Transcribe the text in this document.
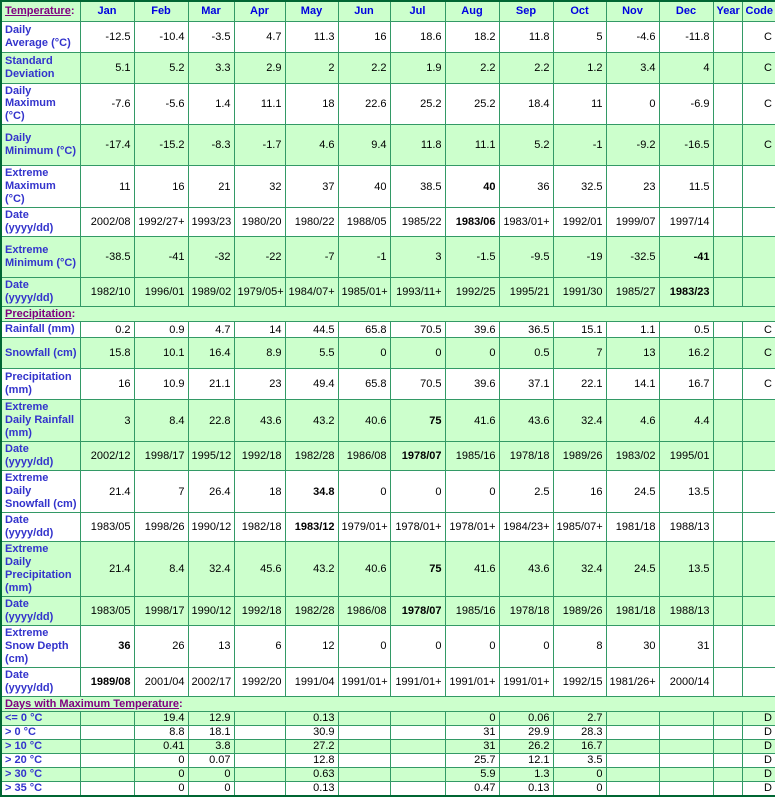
Temperature:	Jan	Feb	Mar	Apr	May	Jun	Jul	Aug	Sep	Oct	Nov	Dec	Year	Code
Daily Average (°C)	-12.5	-10.4	-3.5	4.7	11.3	16	18.6	18.2	11.8	5	-4.6	-11.8		C
Standard Deviation	5.1	5.2	3.3	2.9	2	2.2	1.9	2.2	2.2	1.2	3.4	4		C
Daily Maximum (°C)	-7.6	-5.6	1.4	11.1	18	22.6	25.2	25.2	18.4	11	0	-6.9		C
Daily Minimum (°C)	-17.4	-15.2	-8.3	-1.7	4.6	9.4	11.8	11.1	5.2	-1	-9.2	-16.5		C
Extreme Maximum (°C)	11	16	21	32	37	40	38.5	40	36	32.5	23	11.5		
Date (yyyy/dd)	2002/08	1992/27+	1993/23	1980/20	1980/22	1988/05	1985/22	1983/06	1983/01+	1992/01	1999/07	1997/14		
Extreme Minimum (°C)	-38.5	-41	-32	-22	-7	-1	3	-1.5	-9.5	-19	-32.5	-41		
Date (yyyy/dd)	1982/10	1996/01	1989/02	1979/05+	1984/07+	1985/01+	1993/11+	1992/25	1995/21	1991/30	1985/27	1983/23		
Precipitation:														
Rainfall (mm)	0.2	0.9	4.7	14	44.5	65.8	70.5	39.6	36.5	15.1	1.1	0.5		C
Snowfall (cm)	15.8	10.1	16.4	8.9	5.5	0	0	0	0.5	7	13	16.2		C
Precipitation (mm)	16	10.9	21.1	23	49.4	65.8	70.5	39.6	37.1	22.1	14.1	16.7		C
Extreme Daily Rainfall (mm)	3	8.4	22.8	43.6	43.2	40.6	75	41.6	43.6	32.4	4.6	4.4		
Date (yyyy/dd)	2002/12	1998/17	1995/12	1992/18	1982/28	1986/08	1978/07	1985/16	1978/18	1989/26	1983/02	1995/01		
Extreme Daily Snowfall (cm)	21.4	7	26.4	18	34.8	0	0	0	2.5	16	24.5	13.5		
Date (yyyy/dd)	1983/05	1998/26	1990/12	1982/18	1983/12	1979/01+	1978/01+	1978/01+	1984/23+	1985/07+	1981/18	1988/13		
Extreme Daily Precipitation (mm)	21.4	8.4	32.4	45.6	43.2	40.6	75	41.6	43.6	32.4	24.5	13.5		
Date (yyyy/dd)	1983/05	1998/17	1990/12	1992/18	1982/28	1986/08	1978/07	1985/16	1978/18	1989/26	1981/18	1988/13		
Extreme Snow Depth (cm)	36	26	13	6	12	0	0	0	0	8	30	31		
Date (yyyy/dd)	1989/08	2001/04	2002/17	1992/20	1991/04	1991/01+	1991/01+	1991/01+	1991/01+	1992/15	1981/26+	2000/14		
Days with Maximum Temperature:														
<= 0 °C		19.4	12.9		0.13			0	0.06	2.7				D
> 0 °C		8.8	18.1		30.9			31	29.9	28.3				D
> 10 °C		0.41	3.8		27.2			31	26.2	16.7				D
> 20 °C		0	0.07		12.8			25.7	12.1	3.5				D
> 30 °C		0	0		0.63			5.9	1.3	0				D
> 35 °C		0	0		0.13			0.47	0.13	0				D
